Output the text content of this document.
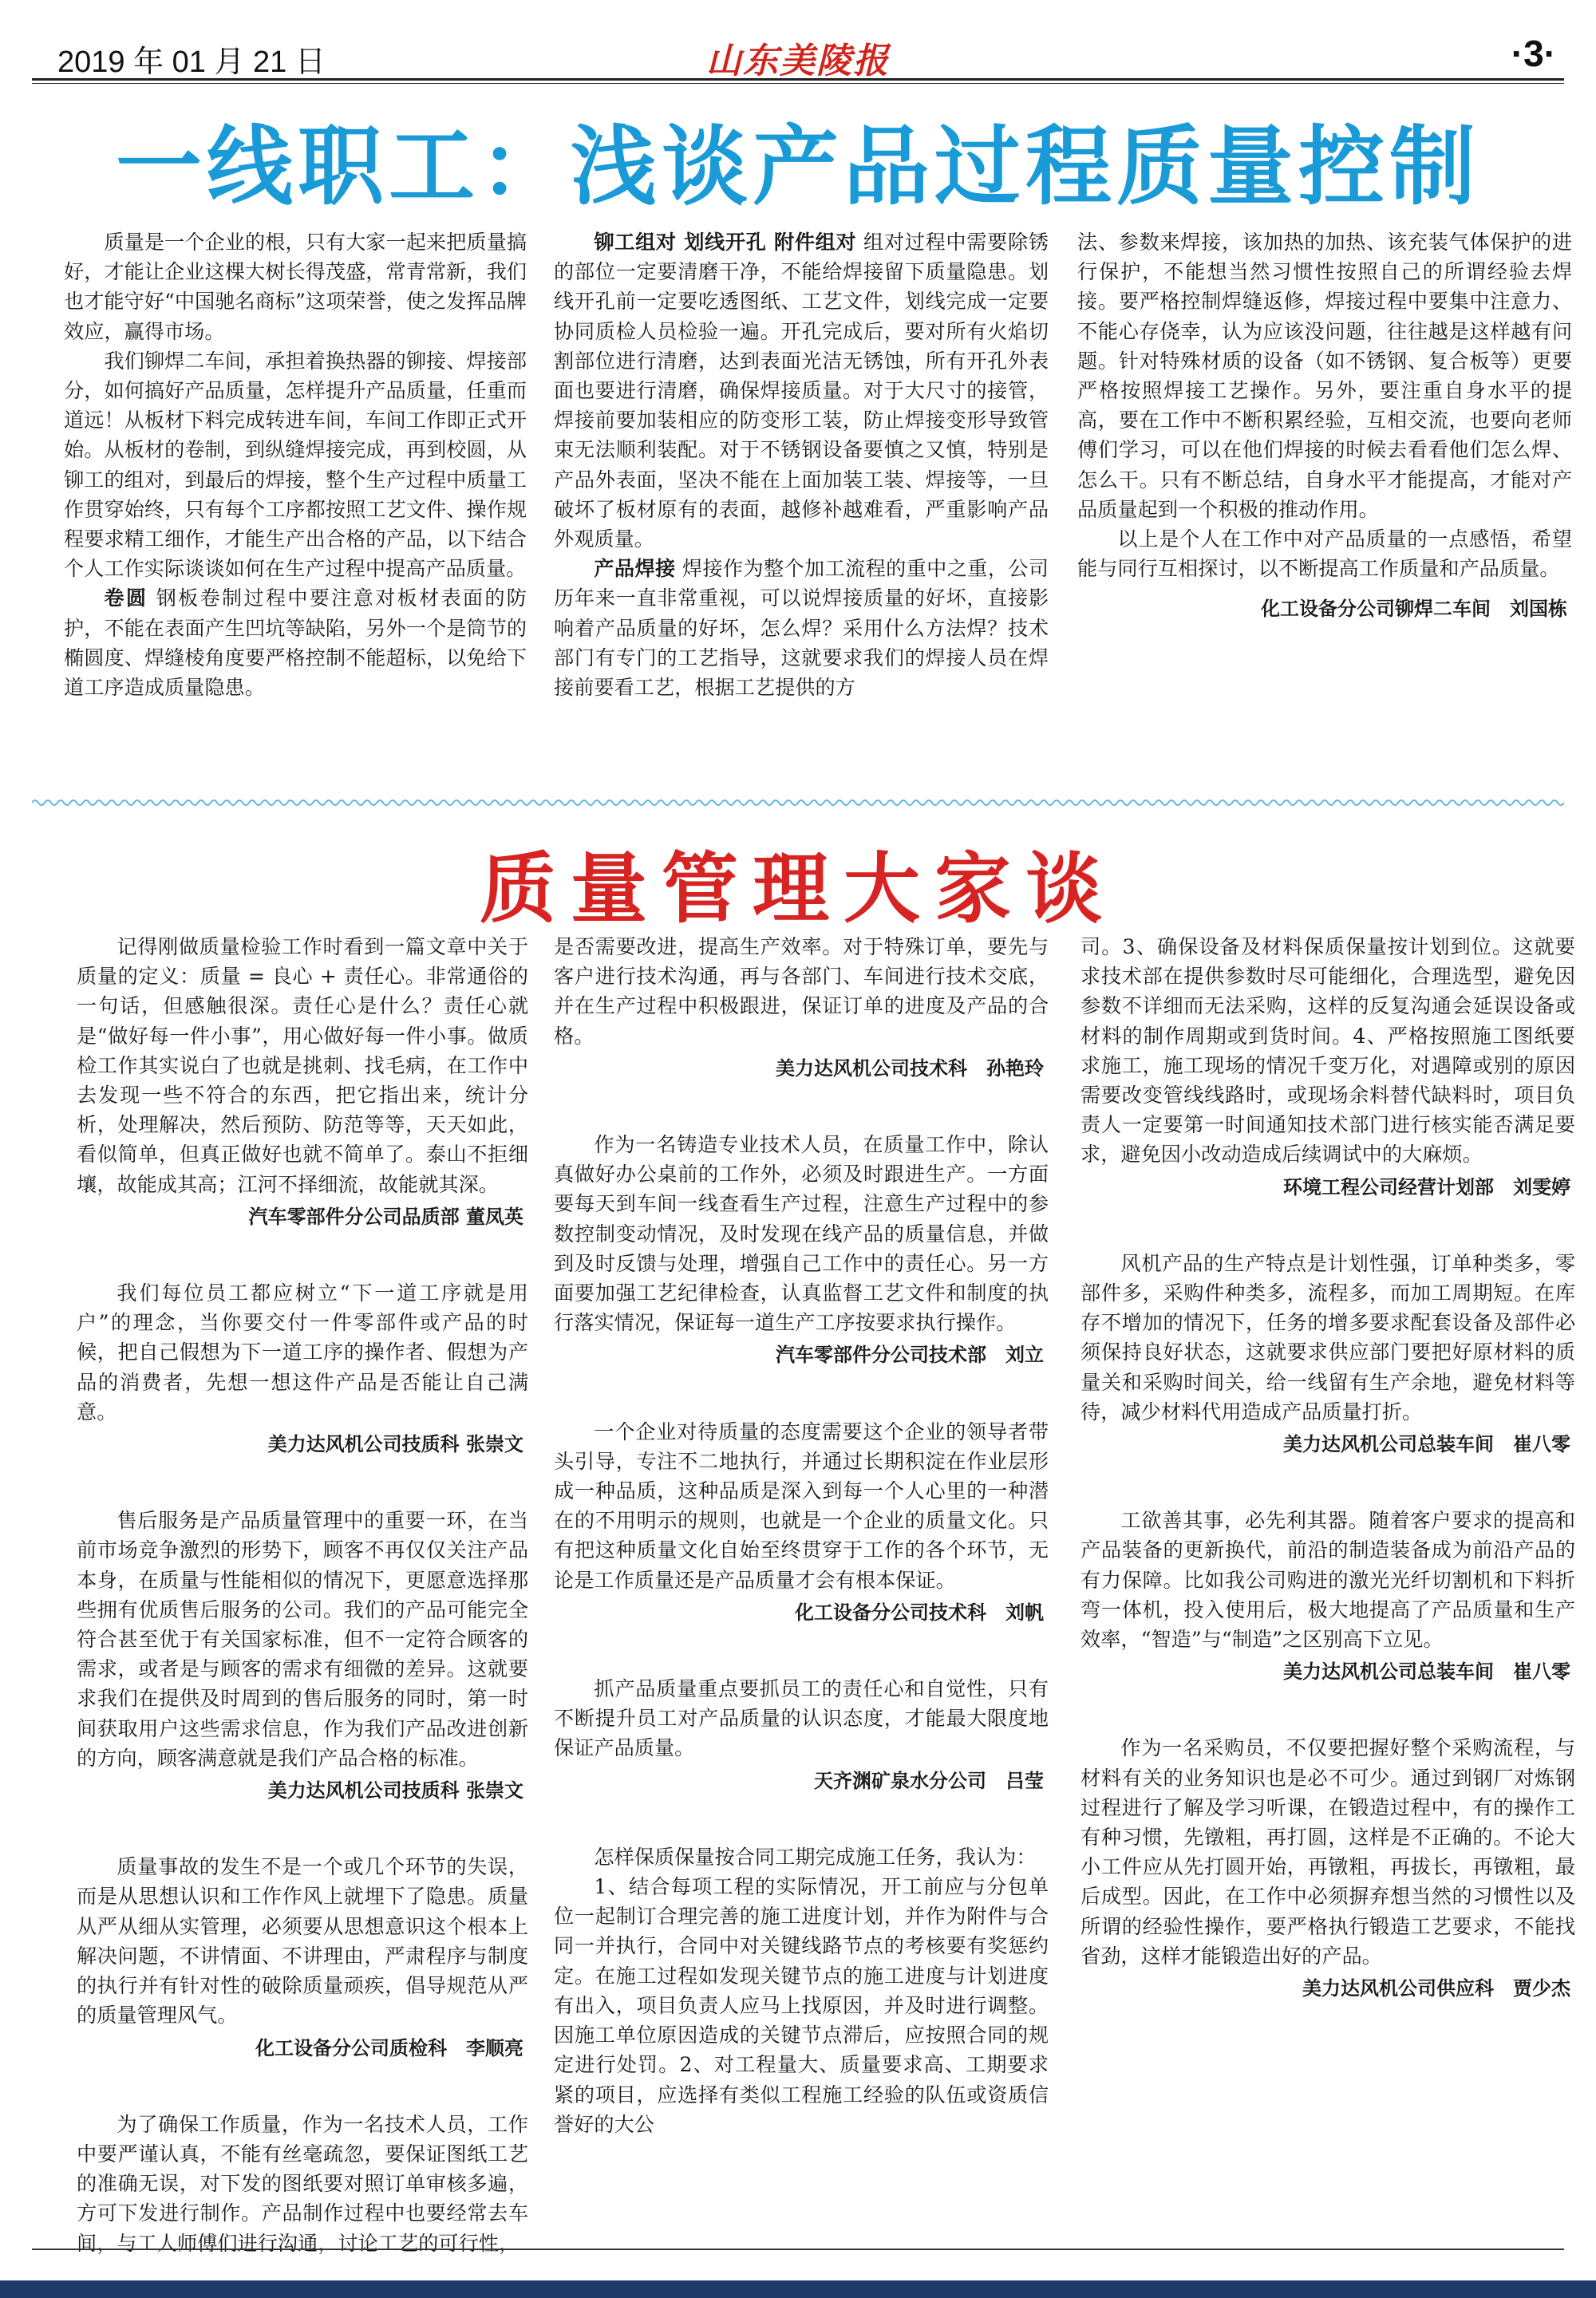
2019 年 01 月 21 日	山东美陵报	·3·
一线职工：浅谈产品过程质量控制

质量是一个企业的根，只有大家一起来把质量搞好，才能让企业这棵大树长得茂盛，常青常新，我们也才能守好“中国驰名商标”这项荣誉，使之发挥品牌效应，赢得市场。

我们铆焊二车间，承担着换热器的铆接、焊接部分，如何搞好产品质量，怎样提升产品质量，任重而道远！从板材下料完成转进车间，车间工作即正式开始。从板材的卷制，到纵缝焊接完成，再到校圆，从铆工的组对，到最后的焊接，整个生产过程中质量工作贯穿始终，只有每个工序都按照工艺文件、操作规程要求精工细作，才能生产出合格的产品，以下结合个人工作实际谈谈如何在生产过程中提高产品质量。

卷圆 钢板卷制过程中要注意对板材表面的防护，不能在表面产生凹坑等缺陷，另外一个是筒节的椭圆度、焊缝棱角度要严格控制不能超标，以免给下道工序造成质量隐患。

铆工组对 划线开孔 附件组对 组对过程中需要除锈的部位一定要清磨干净，不能给焊接留下质量隐患。划线开孔前一定要吃透图纸、工艺文件，划线完成一定要协同质检人员检验一遍。开孔完成后，要对所有火焰切割部位进行清磨，达到表面光洁无锈蚀，所有开孔外表面也要进行清磨，确保焊接质量。对于大尺寸的接管，焊接前要加装相应的防变形工装，防止焊接变形导致管束无法顺利装配。对于不锈钢设备要慎之又慎，特别是产品外表面，坚决不能在上面加装工装、焊接等，一旦破坏了板材原有的表面，越修补越难看，严重影响产品外观质量。

产品焊接 焊接作为整个加工流程的重中之重，公司历年来一直非常重视，可以说焊接质量的好坏，直接影响着产品质量的好坏，怎么焊？采用什么方法焊？技术部门有专门的工艺指导，这就要求我们的焊接人员在焊接前要看工艺，根据工艺提供的方

法、参数来焊接，该加热的加热、该充装气体保护的进行保护，不能想当然习惯性按照自己的所谓经验去焊接。要严格控制焊缝返修，焊接过程中要集中注意力、不能心存侥幸，认为应该没问题，往往越是这样越有问题。针对特殊材质的设备（如不锈钢、复合板等）更要严格按照焊接工艺操作。另外，要注重自身水平的提高，要在工作中不断积累经验，互相交流，也要向老师傅们学习，可以在他们焊接的时候去看看他们怎么焊、怎么干。只有不断总结，自身水平才能提高，才能对产品质量起到一个积极的推动作用。

以上是个人在工作中对产品质量的一点感悟，希望能与同行互相探讨，以不断提高工作质量和产品质量。

化工设备分公司铆焊二车间　刘国栋

质量管理大家谈

记得刚做质量检验工作时看到一篇文章中关于质量的定义：质量 = 良心 + 责任心。非常通俗的一句话，但感触很深。责任心是什么？责任心就是“做好每一件小事”，用心做好每一件小事。做质检工作其实说白了也就是挑刺、找毛病，在工作中去发现一些不符合的东西，把它指出来，统计分析，处理解决，然后预防、防范等等，天天如此，看似简单，但真正做好也就不简单了。泰山不拒细壤，故能成其高；江河不择细流，故能就其深。

汽车零部件分公司品质部 董凤英

我们每位员工都应树立“下一道工序就是用户”的理念，当你要交付一件零部件或产品的时候，把自己假想为下一道工序的操作者、假想为产品的消费者，先想一想这件产品是否能让自己满意。

美力达风机公司技质科 张崇文

售后服务是产品质量管理中的重要一环，在当前市场竞争激烈的形势下，顾客不再仅仅关注产品本身，在质量与性能相似的情况下，更愿意选择那些拥有优质售后服务的公司。我们的产品可能完全符合甚至优于有关国家标准，但不一定符合顾客的需求，或者是与顾客的需求有细微的差异。这就要求我们在提供及时周到的售后服务的同时，第一时间获取用户这些需求信息，作为我们产品改进创新的方向，顾客满意就是我们产品合格的标准。

美力达风机公司技质科 张崇文

质量事故的发生不是一个或几个环节的失误，而是从思想认识和工作作风上就埋下了隐患。质量从严从细从实管理，必须要从思想意识这个根本上解决问题，不讲情面、不讲理由，严肃程序与制度的执行并有针对性的破除质量顽疾，倡导规范从严的质量管理风气。

化工设备分公司质检科　李顺亮

为了确保工作质量，作为一名技术人员，工作中要严谨认真，不能有丝毫疏忽，要保证图纸工艺的准确无误，对下发的图纸要对照订单审核多遍，方可下发进行制作。产品制作过程中也要经常去车间，与工人师傅们进行沟通，讨论工艺的可行性，

是否需要改进，提高生产效率。对于特殊订单，要先与客户进行技术沟通，再与各部门、车间进行技术交底，并在生产过程中积极跟进，保证订单的进度及产品的合格。

美力达风机公司技术科　孙艳玲

作为一名铸造专业技术人员，在质量工作中，除认真做好办公桌前的工作外，必须及时跟进生产。一方面要每天到车间一线查看生产过程，注意生产过程中的参数控制变动情况，及时发现在线产品的质量信息，并做到及时反馈与处理，增强自己工作中的责任心。另一方面要加强工艺纪律检查，认真监督工艺文件和制度的执行落实情况，保证每一道生产工序按要求执行操作。

汽车零部件分公司技术部　刘立

一个企业对待质量的态度需要这个企业的领导者带头引导，专注不二地执行，并通过长期积淀在作业层形成一种品质，这种品质是深入到每一个人心里的一种潜在的不用明示的规则，也就是一个企业的质量文化。只有把这种质量文化自始至终贯穿于工作的各个环节，无论是工作质量还是产品质量才会有根本保证。

化工设备分公司技术科　刘帆

抓产品质量重点要抓员工的责任心和自觉性，只有不断提升员工对产品质量的认识态度，才能最大限度地保证产品质量。

天齐渊矿泉水分公司　吕莹

怎样保质保量按合同工期完成施工任务，我认为：

1、结合每项工程的实际情况，开工前应与分包单位一起制订合理完善的施工进度计划，并作为附件与合同一并执行，合同中对关键线路节点的考核要有奖惩约定。在施工过程如发现关键节点的施工进度与计划进度有出入，项目负责人应马上找原因，并及时进行调整。因施工单位原因造成的关键节点滞后，应按照合同的规定进行处罚。2、对工程量大、质量要求高、工期要求紧的项目，应选择有类似工程施工经验的队伍或资质信誉好的大公

司。3、确保设备及材料保质保量按计划到位。这就要求技术部在提供参数时尽可能细化，合理选型，避免因参数不详细而无法采购，这样的反复沟通会延误设备或材料的制作周期或到货时间。4、严格按照施工图纸要求施工，施工现场的情况千变万化，对遇障或别的原因需要改变管线线路时，或现场余料替代缺料时，项目负责人一定要第一时间通知技术部门进行核实能否满足要求，避免因小改动造成后续调试中的大麻烦。

环境工程公司经营计划部　刘雯婷

风机产品的生产特点是计划性强，订单种类多，零部件多，采购件种类多，流程多，而加工周期短。在库存不增加的情况下，任务的增多要求配套设备及部件必须保持良好状态，这就要求供应部门要把好原材料的质量关和采购时间关，给一线留有生产余地，避免材料等待，减少材料代用造成产品质量打折。

美力达风机公司总装车间　崔八零

工欲善其事，必先利其器。随着客户要求的提高和产品装备的更新换代，前沿的制造装备成为前沿产品的有力保障。比如我公司购进的激光光纤切割机和下料折弯一体机，投入使用后，极大地提高了产品质量和生产效率，“智造”与“制造”之区别高下立见。

美力达风机公司总装车间　崔八零

作为一名采购员，不仅要把握好整个采购流程，与材料有关的业务知识也是必不可少。通过到钢厂对炼钢过程进行了解及学习听课，在锻造过程中，有的操作工有种习惯，先镦粗，再打圆，这样是不正确的。不论大小工件应从先打圆开始，再镦粗，再拔长，再镦粗，最后成型。因此，在工作中必须摒弃想当然的习惯性以及所谓的经验性操作，要严格执行锻造工艺要求，不能找省劲，这样才能锻造出好的产品。

美力达风机公司供应科　贾少杰
